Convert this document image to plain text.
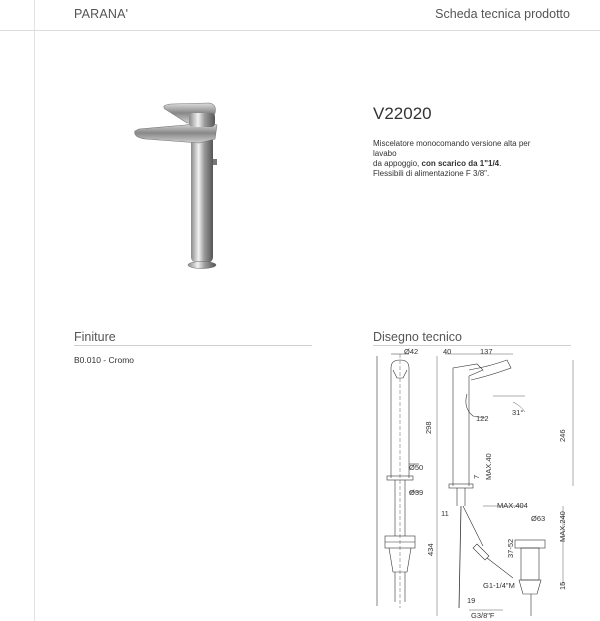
PARANA'	Scheda tecnica prodotto
V22020
Miscelatore monocomando versione alta per
lavabo
da appoggio, con scarico da 1"1/4.
Flessibili di alimentazione F 3/8".
Finiture
B0.010 - Cromo
Disegno tecnico
Ø42	40	137
298
122
31°
246
Ø50
7 MAX.40
Ø39
MAX.404
11
Ø63 MAX.240
434	37-52
G1-1/4"M	15
19
G3/8"F
